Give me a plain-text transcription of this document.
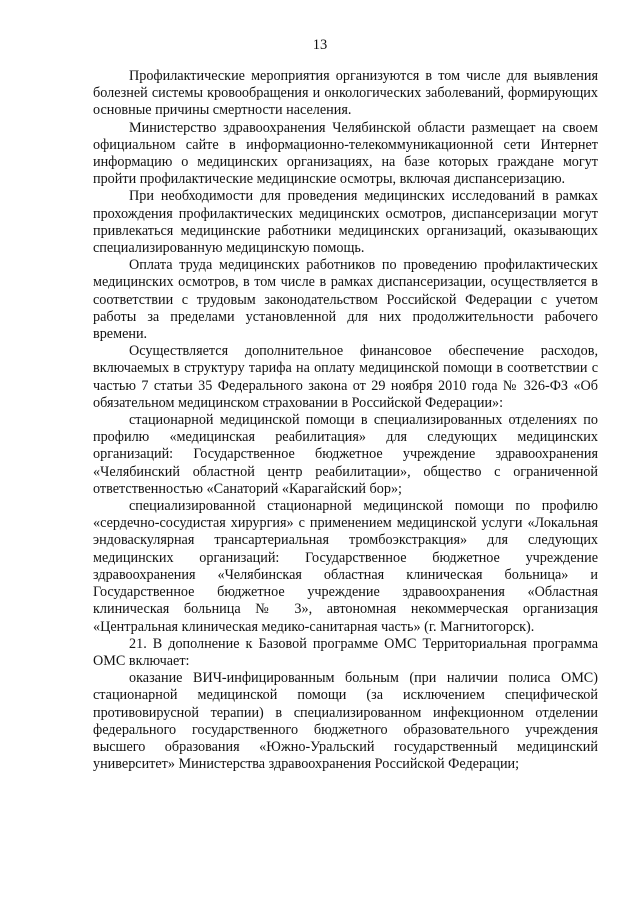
13

Профилактические мероприятия организуются в том числе для выявления болезней системы кровообращения и онкологических заболеваний, формирующих основные причины смертности населения.

Министерство здравоохранения Челябинской области размещает на своем официальном сайте в информационно-телекоммуникационной сети Интернет информацию о медицинских организациях, на базе которых граждане могут пройти профилактические медицинские осмотры, включая диспансеризацию.

При необходимости для проведения медицинских исследований в рамках прохождения профилактических медицинских осмотров, диспансеризации могут привлекаться медицинские работники медицинских организаций, оказывающих специализированную медицинскую помощь.

Оплата труда медицинских работников по проведению профилактических медицинских осмотров, в том числе в рамках диспансеризации, осуществляется в соответствии с трудовым законодательством Российской Федерации с учетом работы за пределами установленной для них продолжительности рабочего времени.

Осуществляется дополнительное финансовое обеспечение расходов, включаемых в структуру тарифа на оплату медицинской помощи в соответствии с частью 7 статьи 35 Федерального закона от 29 ноября 2010 года № 326-ФЗ «Об обязательном медицинском страховании в Российской Федерации»:

стационарной медицинской помощи в специализированных отделениях по профилю «медицинская реабилитация» для следующих медицинских организаций: Государственное бюджетное учреждение здравоохранения «Челябинский областной центр реабилитации», общество с ограниченной ответственностью «Санаторий «Карагайский бор»;

специализированной стационарной медицинской помощи по профилю «сердечно-сосудистая хирургия» с применением медицинской услуги «Локальная эндоваскулярная трансартериальная тромбоэкстракция» для следующих медицинских организаций: Государственное бюджетное учреждение здравоохранения «Челябинская областная клиническая больница» и Государственное бюджетное учреждение здравоохранения «Областная клиническая больница № 3», автономная некоммерческая организация «Центральная клиническая медико-санитарная часть» (г. Магнитогорск).

21. В дополнение к Базовой программе ОМС Территориальная программа ОМС включает:

оказание ВИЧ-инфицированным больным (при наличии полиса ОМС) стационарной медицинской помощи (за исключением специфической противовирусной терапии) в специализированном инфекционном отделении федерального государственного бюджетного образовательного учреждения высшего образования «Южно-Уральский государственный медицинский университет» Министерства здравоохранения Российской Федерации;
